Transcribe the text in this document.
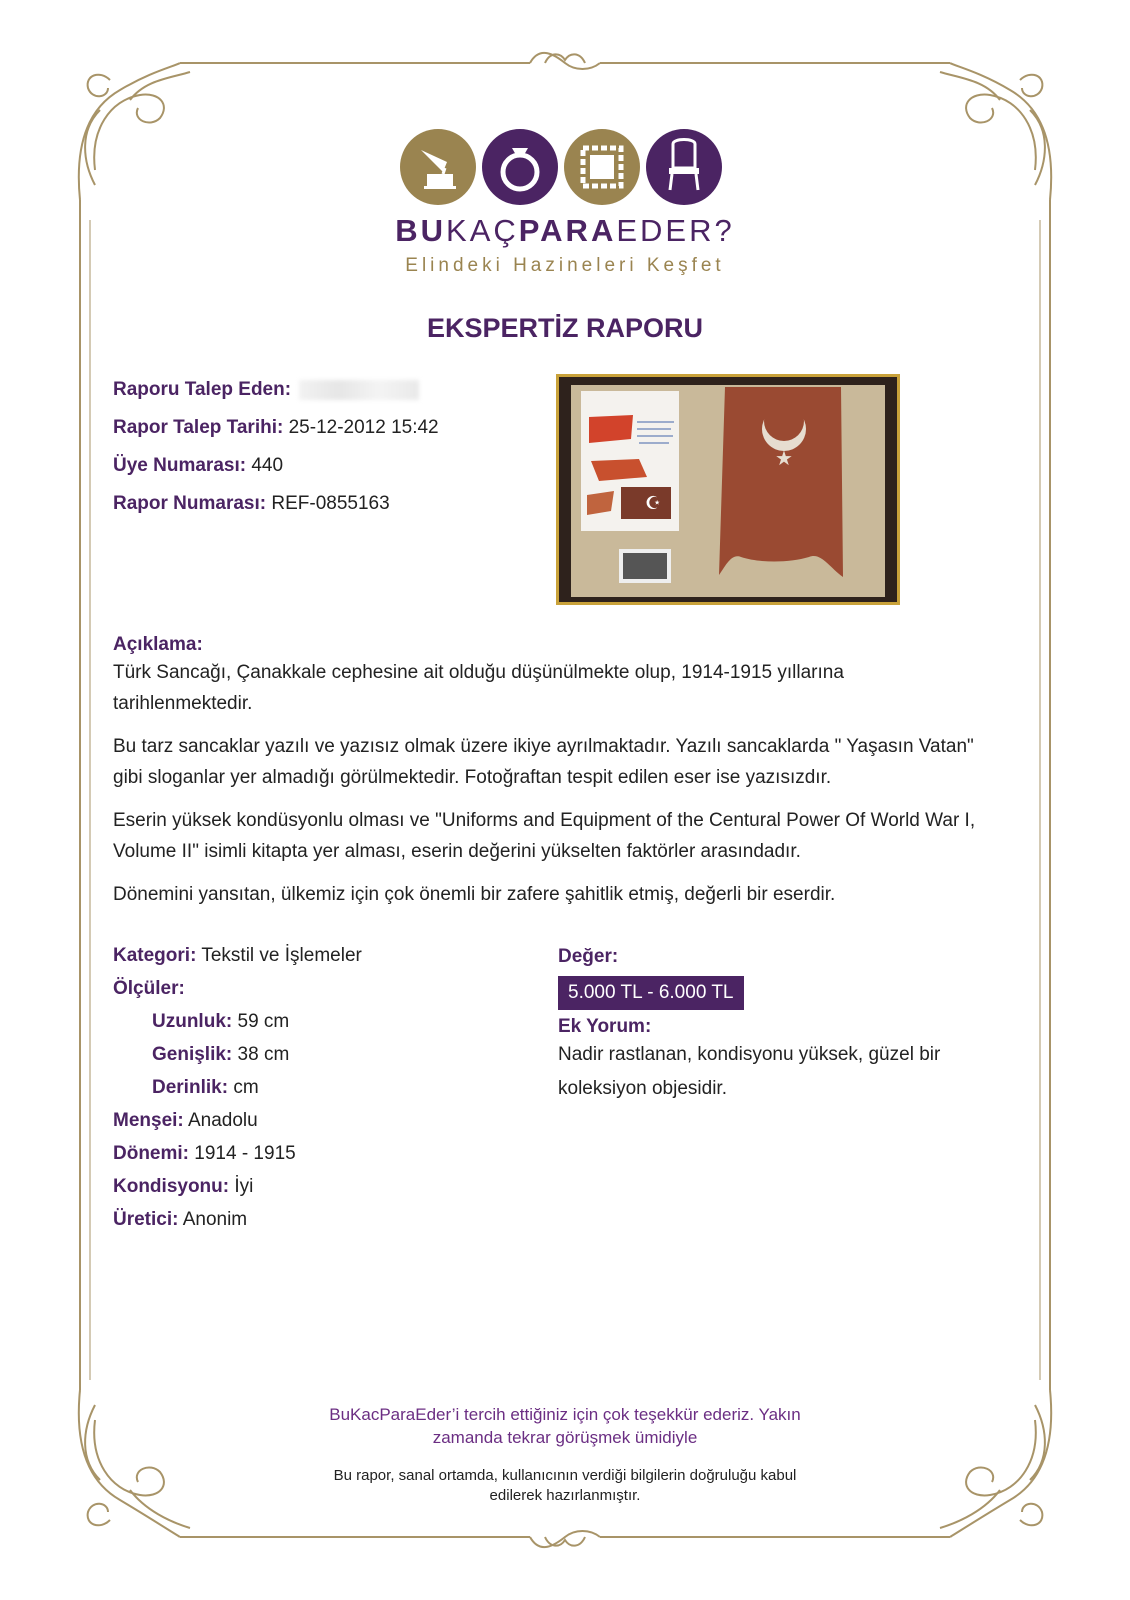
BUKAÇPARAEDER?
Elindeki Hazineleri Keşfet
EKSPERTİZ RAPORU
Raporu Talep Eden:
Rapor Talep Tarihi: 25-12-2012 15:42
Üye Numarası: 440
Rapor Numarası: REF-0855163	☪
★
Açıklama:

Türk Sancağı, Çanakkale cephesine ait olduğu düşünülmekte olup, 1914-1915 yıllarına tarihlenmektedir.

Bu tarz sancaklar yazılı ve yazısız olmak üzere ikiye ayrılmaktadır. Yazılı sancaklarda " Yaşasın Vatan" gibi sloganlar yer almadığı görülmektedir. Fotoğraftan tespit edilen eser ise yazısızdır.

Eserin yüksek kondüsyonlu olması ve "Uniforms and Equipment of the Centural Power Of World War I, Volume II" isimli kitapta yer alması, eserin değerini yükselten faktörler arasındadır.

Dönemini yansıtan, ülkemiz için çok önemli bir zafere şahitlik etmiş, değerli bir eserdir.

Kategori: Tekstil ve İşlemeler
Ölçüler:
Uzunluk: 59 cm
Genişlik: 38 cm
Derinlik: cm
Menşei: Anadolu
Dönemi: 1914 - 1915
Kondisyonu: İyi
Üretici: Anonim
Değer:
5.000 TL - 6.000 TL
Ek Yorum:
Nadir rastlanan, kondisyonu yüksek, güzel bir koleksiyon objesidir.
BuKacParaEder’i tercih ettiğiniz için çok teşekkür ederiz. Yakın
zamanda tekrar görüşmek ümidiyle
Bu rapor, sanal ortamda, kullanıcının verdiği bilgilerin doğruluğu kabul
edilerek hazırlanmıştır.
